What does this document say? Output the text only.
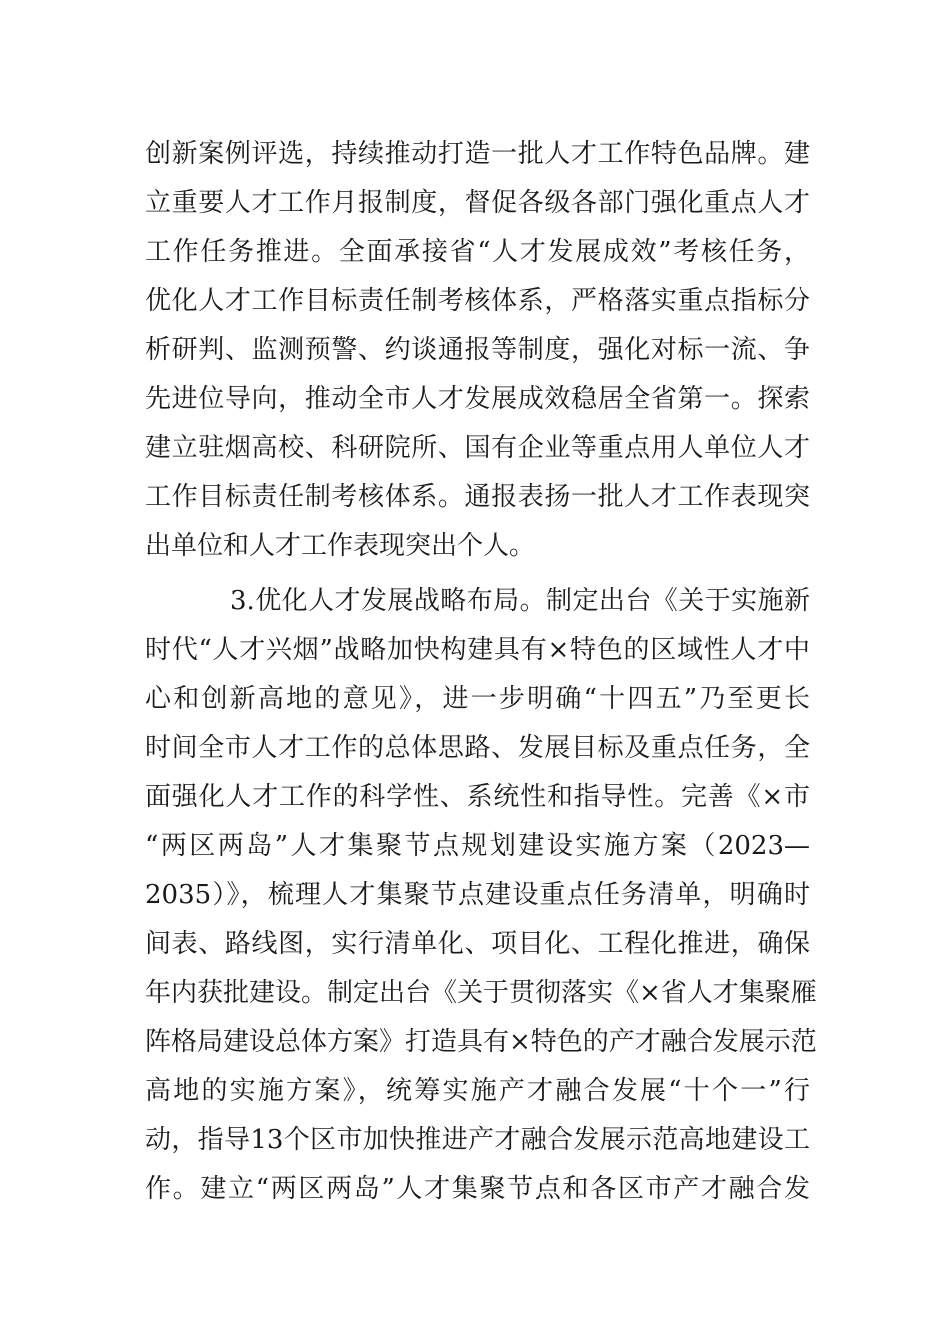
创新案例评选，持续推动打造一批人才工作特色品牌。建
立重要人才工作月报制度，督促各级各部门强化重点人才
工作任务推进。全面承接省“人才发展成效”考核任务，
优化人才工作目标责任制考核体系，严格落实重点指标分
析研判、监测预警、约谈通报等制度，强化对标一流、争
先进位导向，推动全市人才发展成效稳居全省第一。探索
建立驻烟高校、科研院所、国有企业等重点用人单位人才
工作目标责任制考核体系。通报表扬一批人才工作表现突
出单位和人才工作表现突出个人。
3.优化人才发展战略布局。制定出台《关于实施新
时代“人才兴烟”战略加快构建具有×特色的区域性人才中
心和创新高地的意见》，进一步明确“十四五”乃至更长
时间全市人才工作的总体思路、发展目标及重点任务，全
面强化人才工作的科学性、系统性和指导性。完善《×市
“两区两岛”人才集聚节点规划建设实施方案（2023—
2035）》，梳理人才集聚节点建设重点任务清单，明确时
间表、路线图，实行清单化、项目化、工程化推进，确保
年内获批建设。制定出台《关于贯彻落实《×省人才集聚雁
阵格局建设总体方案》打造具有×特色的产才融合发展示范
高地的实施方案》，统筹实施产才融合发展“十个一”行
动，指导13个区市加快推进产才融合发展示范高地建设工
作。建立“两区两岛”人才集聚节点和各区市产才融合发
